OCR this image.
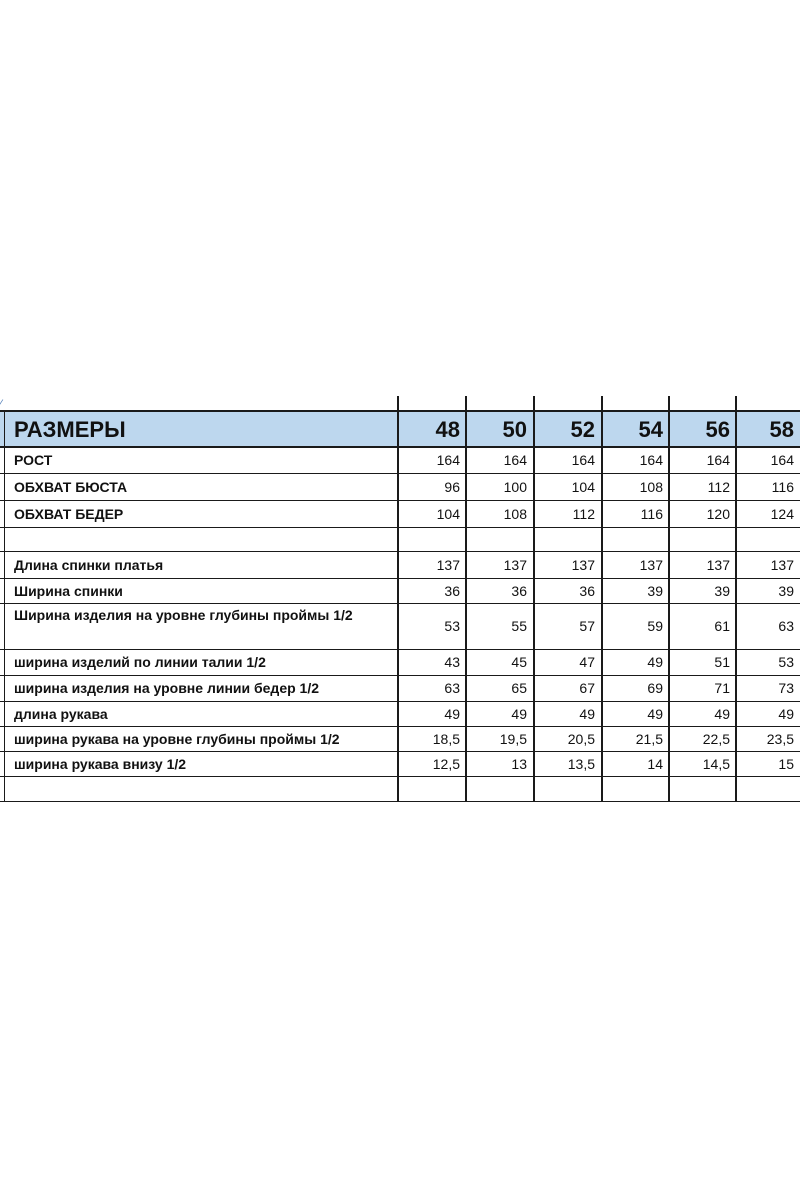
⁄
РАЗМЕРЫ	48	50	52	54	56	58
РОСТ	164	164	164	164	164	164
ОБХВАТ БЮСТА	96	100	104	108	112	116
ОБХВАТ БЕДЕР	104	108	112	116	120	124
Длина спинки платья	137	137	137	137	137	137
Ширина спинки	36	36	36	39	39	39
Ширина изделия на уровне глубины проймы 1/2
53	55	57	59	61	63
ширина изделий по линии талии 1/2	43	45	47	49	51	53
ширина изделия на уровне линии бедер 1/2	63	65	67	69	71	73
длина рукава	49	49	49	49	49	49
ширина рукава на уровне глубины проймы 1/2	18,5	19,5	20,5	21,5	22,5	23,5
ширина рукава внизу 1/2	12,5	13	13,5	14	14,5	15
